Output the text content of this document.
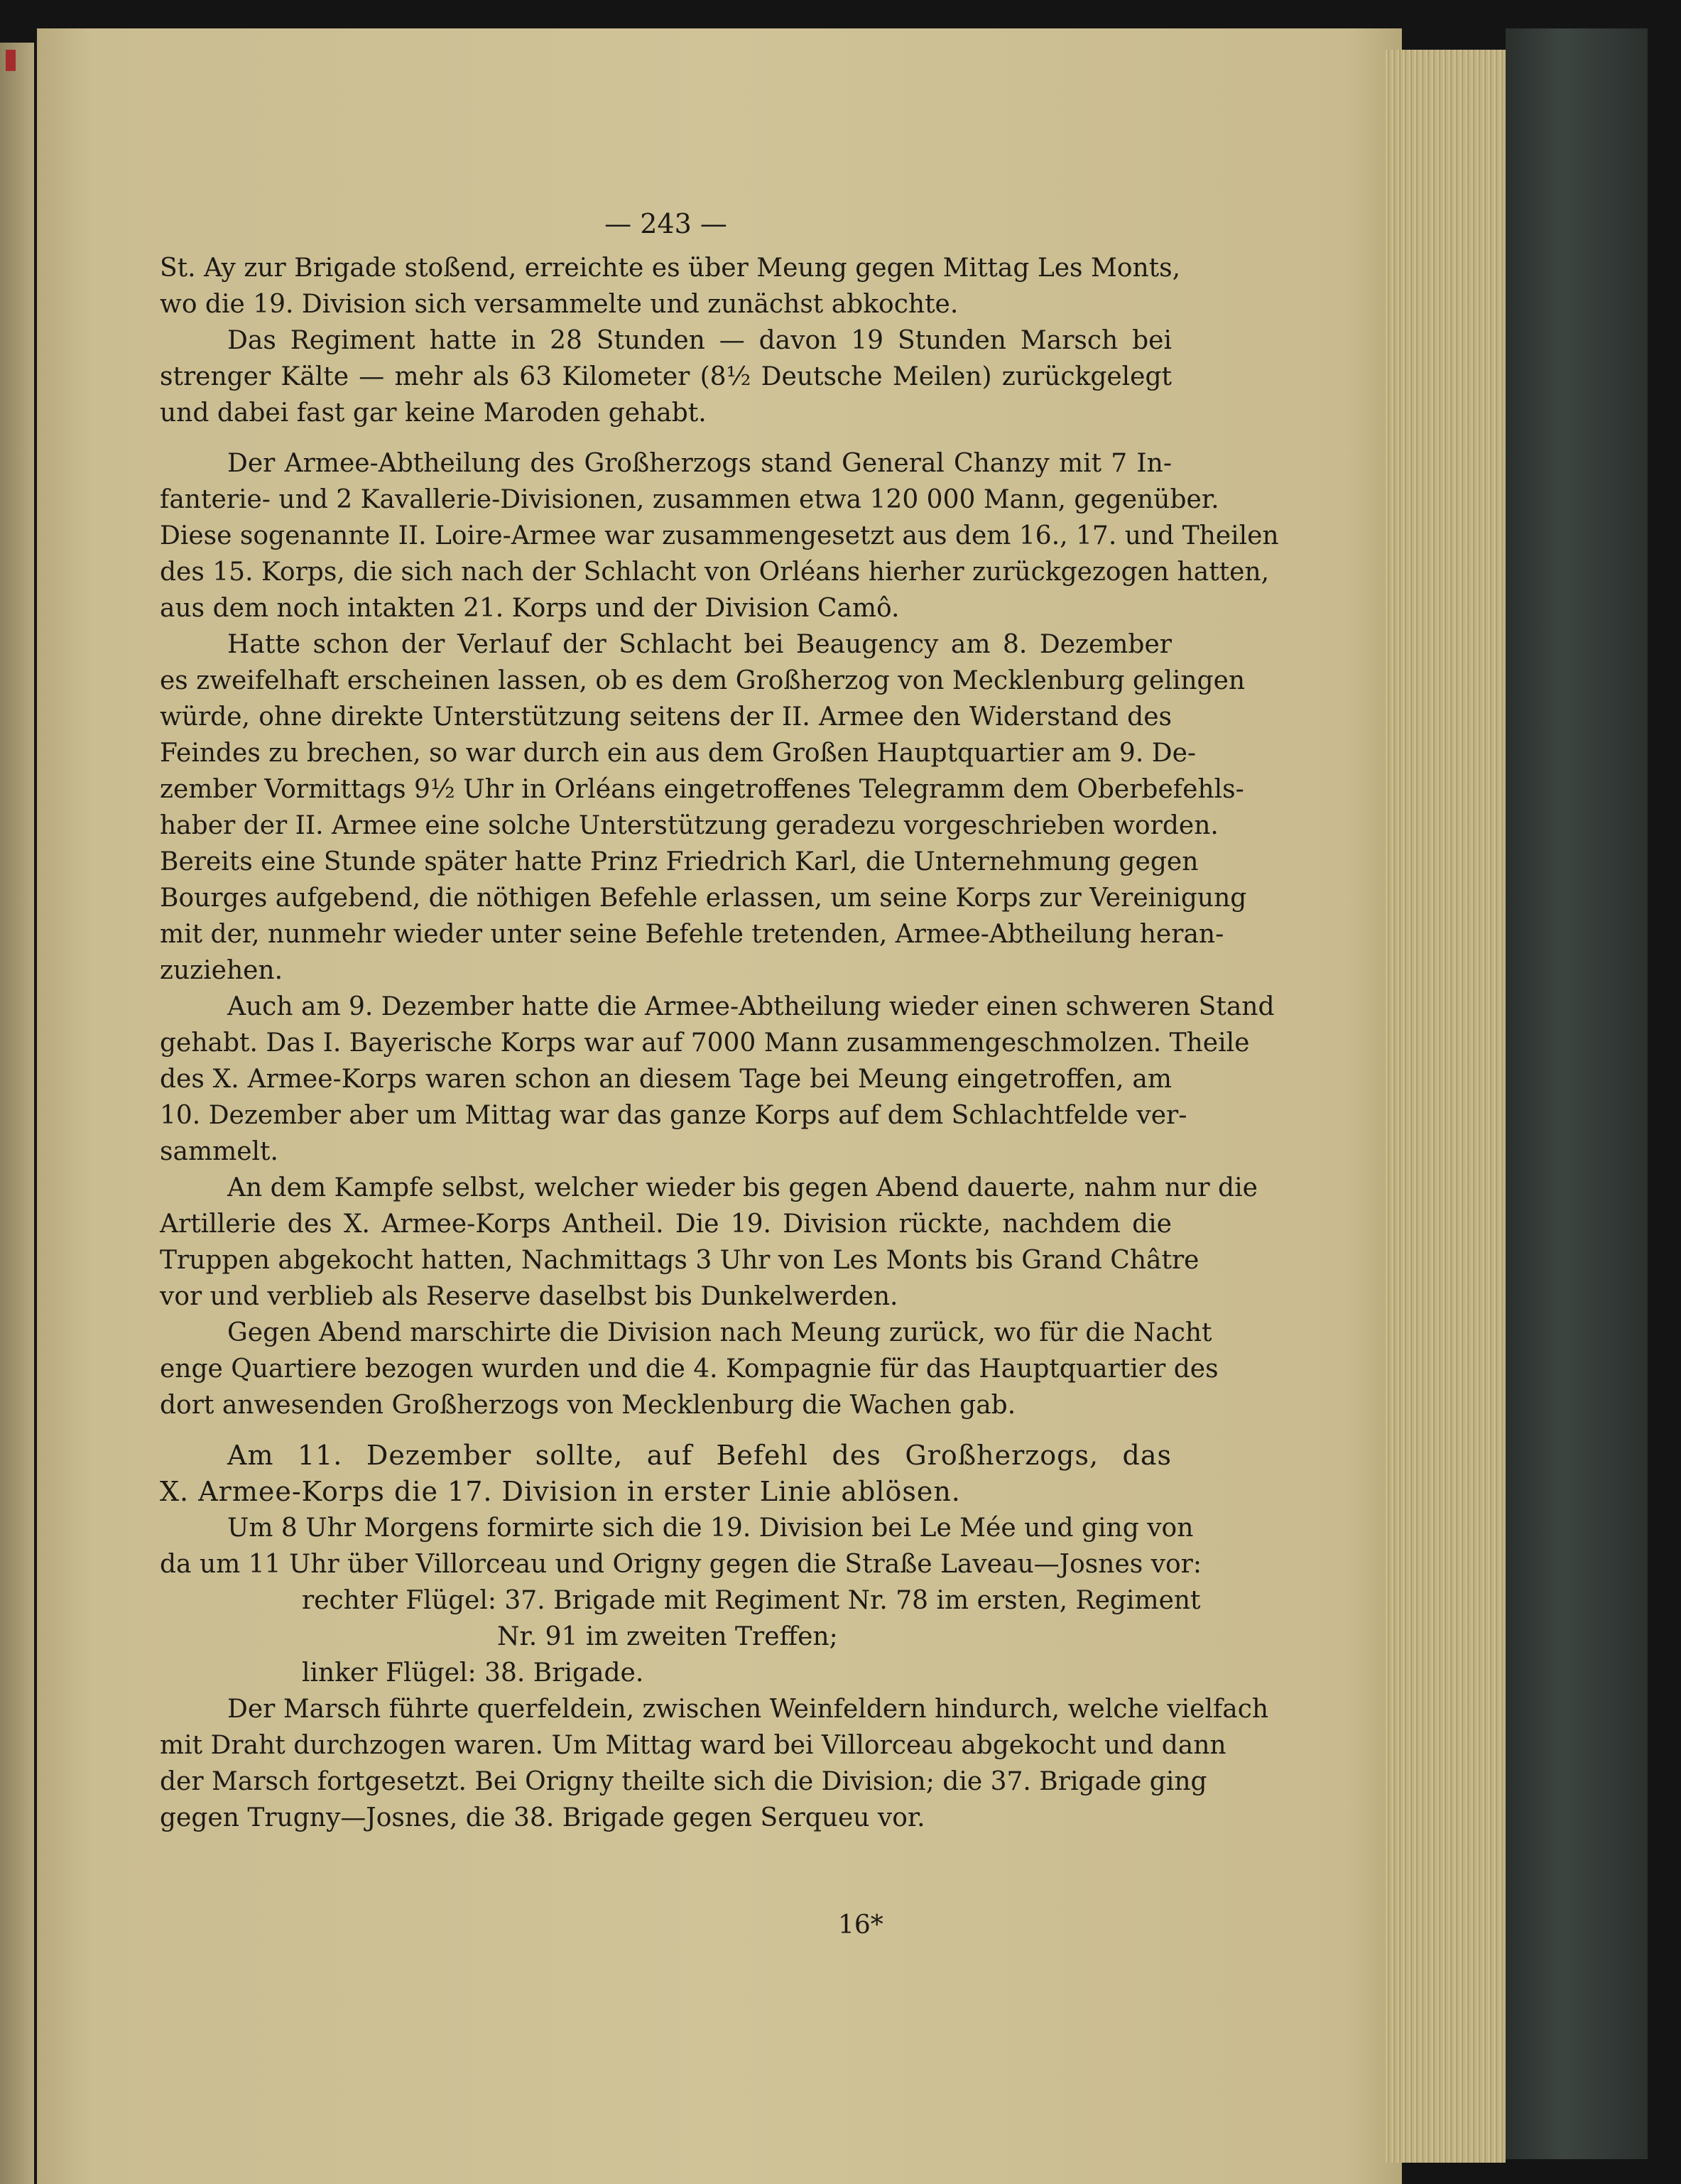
— 243 —
St. Ay zur Brigade stoßend, erreichte es über Meung gegen Mittag Les Monts,
wo die 19. Division sich versammelte und zunächst abkochte.
Das Regiment hatte in 28 Stunden — davon 19 Stunden Marsch bei
strenger Kälte — mehr als 63 Kilometer (8½ Deutsche Meilen) zurückgelegt
und dabei fast gar keine Maroden gehabt.
Der Armee-Abtheilung des Großherzogs stand General Chanzy mit 7 In-
fanterie- und 2 Kavallerie-Divisionen, zusammen etwa 120 000 Mann, gegenüber.
Diese sogenannte II. Loire-Armee war zusammengesetzt aus dem 16., 17. und Theilen
des 15. Korps, die sich nach der Schlacht von Orléans hierher zurückgezogen hatten,
aus dem noch intakten 21. Korps und der Division Camô.
Hatte schon der Verlauf der Schlacht bei Beaugency am 8. Dezember
es zweifelhaft erscheinen lassen, ob es dem Großherzog von Mecklenburg gelingen
würde, ohne direkte Unterstützung seitens der II. Armee den Widerstand des
Feindes zu brechen, so war durch ein aus dem Großen Hauptquartier am 9. De-
zember Vormittags 9½ Uhr in Orléans eingetroffenes Telegramm dem Oberbefehls-
haber der II. Armee eine solche Unterstützung geradezu vorgeschrieben worden.
Bereits eine Stunde später hatte Prinz Friedrich Karl, die Unternehmung gegen
Bourges aufgebend, die nöthigen Befehle erlassen, um seine Korps zur Vereinigung
mit der, nunmehr wieder unter seine Befehle tretenden, Armee-Abtheilung heran-
zuziehen.
Auch am 9. Dezember hatte die Armee-Abtheilung wieder einen schweren Stand
gehabt. Das I. Bayerische Korps war auf 7000 Mann zusammengeschmolzen. Theile
des X. Armee-Korps waren schon an diesem Tage bei Meung eingetroffen, am
10. Dezember aber um Mittag war das ganze Korps auf dem Schlachtfelde ver-
sammelt.
An dem Kampfe selbst, welcher wieder bis gegen Abend dauerte, nahm nur die
Artillerie des X. Armee-Korps Antheil. Die 19. Division rückte, nachdem die
Truppen abgekocht hatten, Nachmittags 3 Uhr von Les Monts bis Grand Châtre
vor und verblieb als Reserve daselbst bis Dunkelwerden.
Gegen Abend marschirte die Division nach Meung zurück, wo für die Nacht
enge Quartiere bezogen wurden und die 4. Kompagnie für das Hauptquartier des
dort anwesenden Großherzogs von Mecklenburg die Wachen gab.
Am 11. Dezember sollte, auf Befehl des Großherzogs, das
X. Armee-Korps die 17. Division in erster Linie ablösen.
Um 8 Uhr Morgens formirte sich die 19. Division bei Le Mée und ging von
da um 11 Uhr über Villorceau und Origny gegen die Straße Laveau—Josnes vor:
rechter Flügel: 37. Brigade mit Regiment Nr. 78 im ersten, Regiment
Nr. 91 im zweiten Treffen;
linker Flügel: 38. Brigade.
Der Marsch führte querfeldein, zwischen Weinfeldern hindurch, welche vielfach
mit Draht durchzogen waren. Um Mittag ward bei Villorceau abgekocht und dann
der Marsch fortgesetzt. Bei Origny theilte sich die Division; die 37. Brigade ging
gegen Trugny—Josnes, die 38. Brigade gegen Serqueu vor.
16*
